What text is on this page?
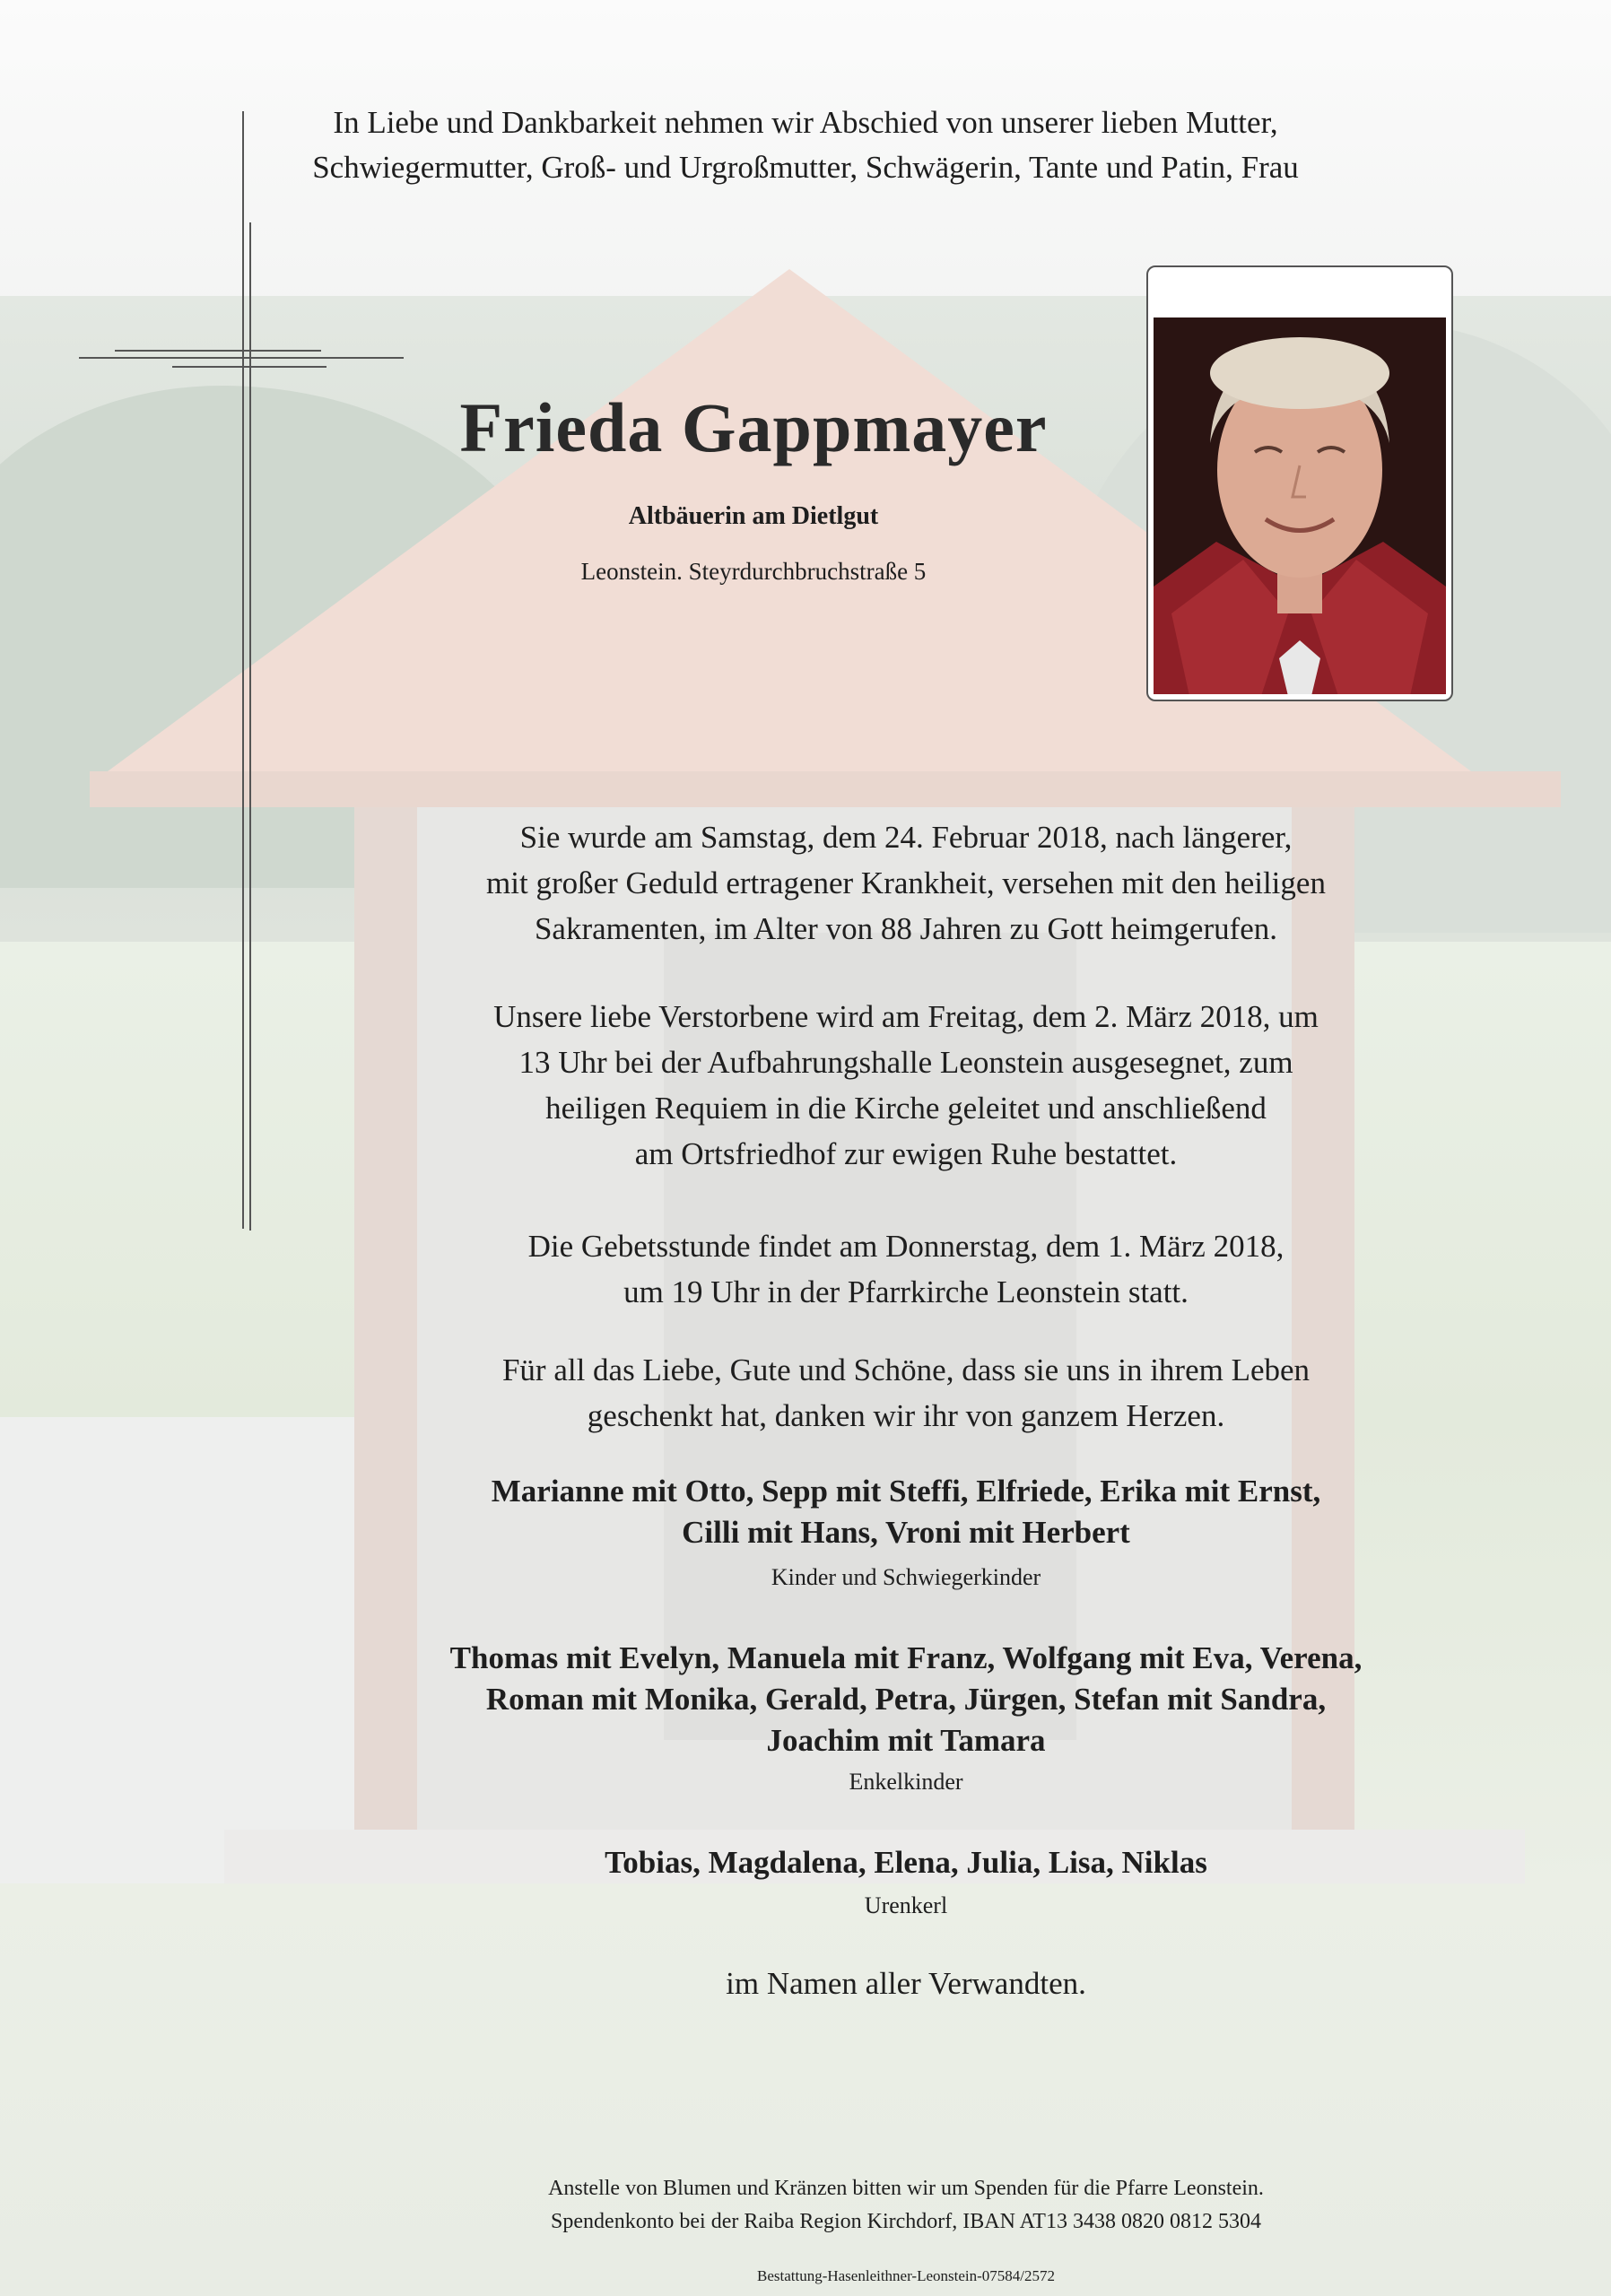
In Liebe und Dankbarkeit nehmen wir Abschied von unserer lieben Mutter,
Schwiegermutter, Groß- und Urgroßmutter, Schwägerin, Tante und Patin, Frau
Frieda Gappmayer
Altbäuerin am Dietlgut
Leonstein. Steyrdurchbruchstraße 5
Sie wurde am Samstag, dem 24. Februar 2018, nach längerer,
mit großer Geduld ertragener Krankheit, versehen mit den heiligen
Sakramenten, im Alter von 88 Jahren zu Gott heimgerufen.
Unsere liebe Verstorbene wird am Freitag, dem 2. März 2018, um
13 Uhr bei der Aufbahrungshalle Leonstein ausgesegnet, zum
heiligen Requiem in die Kirche geleitet und anschließend
am Ortsfriedhof zur ewigen Ruhe bestattet.
Die Gebetsstunde findet am Donnerstag, dem 1. März 2018,
um 19 Uhr in der Pfarrkirche Leonstein statt.
Für all das Liebe, Gute und Schöne, dass sie uns in ihrem Leben
geschenkt hat, danken wir ihr von ganzem Herzen.
Marianne mit Otto, Sepp mit Steffi, Elfriede, Erika mit Ernst,
Cilli mit Hans, Vroni mit Herbert
Kinder und Schwiegerkinder
Thomas mit Evelyn, Manuela mit Franz, Wolfgang mit Eva, Verena,
Roman mit Monika, Gerald, Petra, Jürgen, Stefan mit Sandra,
Joachim mit Tamara
Enkelkinder
Tobias, Magdalena, Elena, Julia, Lisa, Niklas
Urenkerl
im Namen aller Verwandten.
Anstelle von Blumen und Kränzen bitten wir um Spenden für die Pfarre Leonstein.
Spendenkonto bei der Raiba Region Kirchdorf, IBAN AT13 3438 0820 0812 5304
Bestattung-Hasenleithner-Leonstein-07584/2572
